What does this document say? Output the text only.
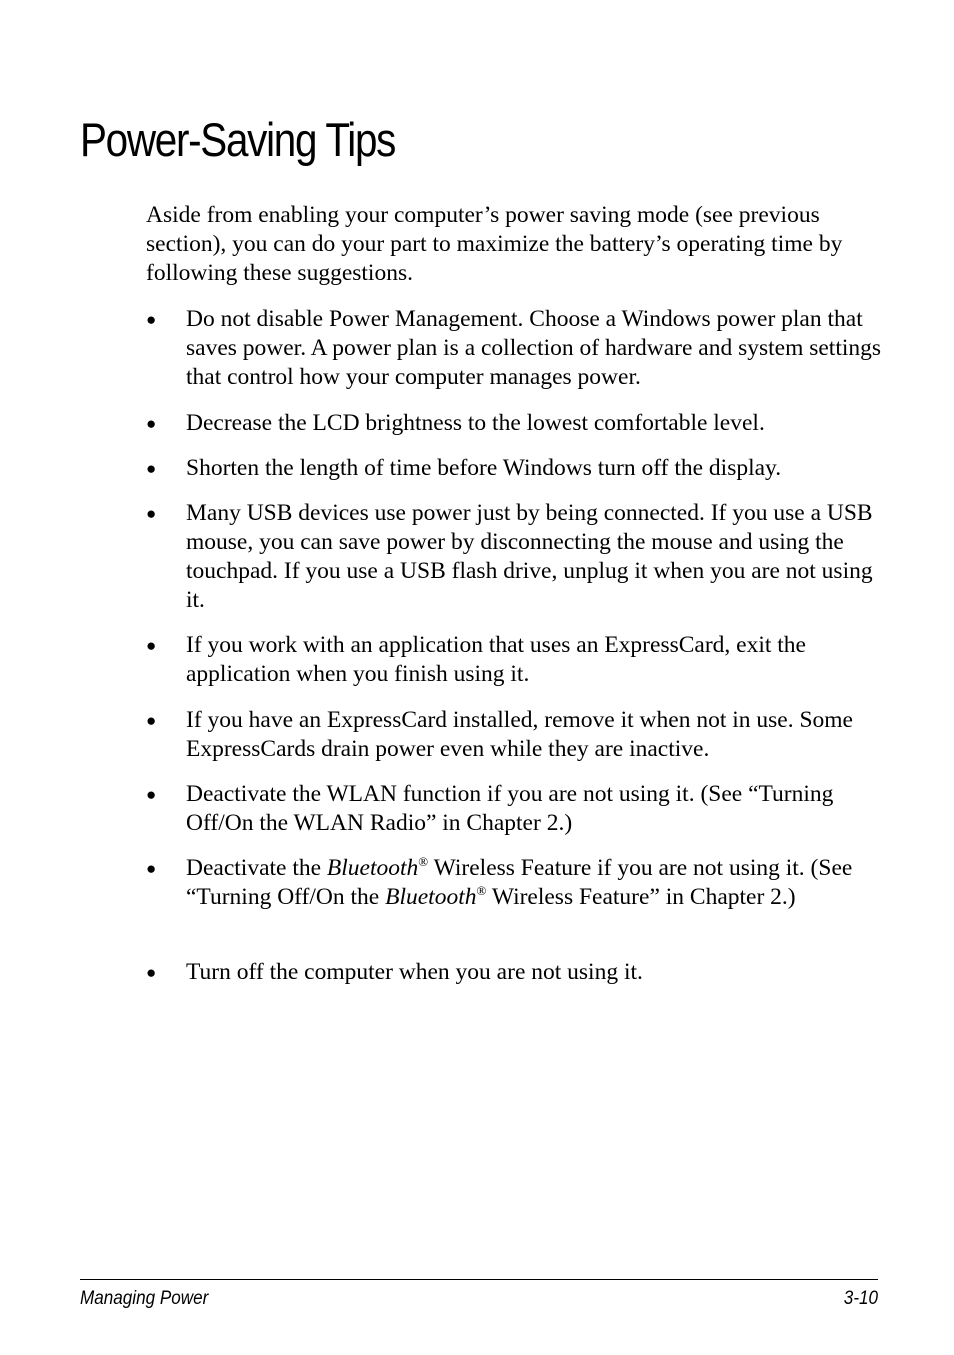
Power-Saving Tips

Aside from enabling your computer’s power saving mode (see previous section), you can do your part to maximize the battery’s operating time by following these suggestions.

●	Do not disable Power Management. Choose a Windows power plan that saves power. A power plan is a collection of hardware and system settings that control how your computer manages power.
●	Decrease the LCD brightness to the lowest comfortable level.
●	Shorten the length of time before Windows turn off the display.
●	Many USB devices use power just by being connected. If you use a USB mouse, you can save power by disconnecting the mouse and using the touchpad. If you use a USB flash drive, unplug it when you are not using it.
●	If you work with an application that uses an ExpressCard, exit the application when you finish using it.
●	If you have an ExpressCard installed, remove it when not in use. Some ExpressCards drain power even while they are inactive.
●	Deactivate the WLAN function if you are not using it. (See “Turning Off/On the WLAN Radio” in Chapter 2.)
●	Deactivate the Bluetooth® Wireless Feature if you are not using it. (See “Turning Off/On the Bluetooth® Wireless Feature” in Chapter 2.)
●	Turn off the computer when you are not using it.
Managing Power	3-10
